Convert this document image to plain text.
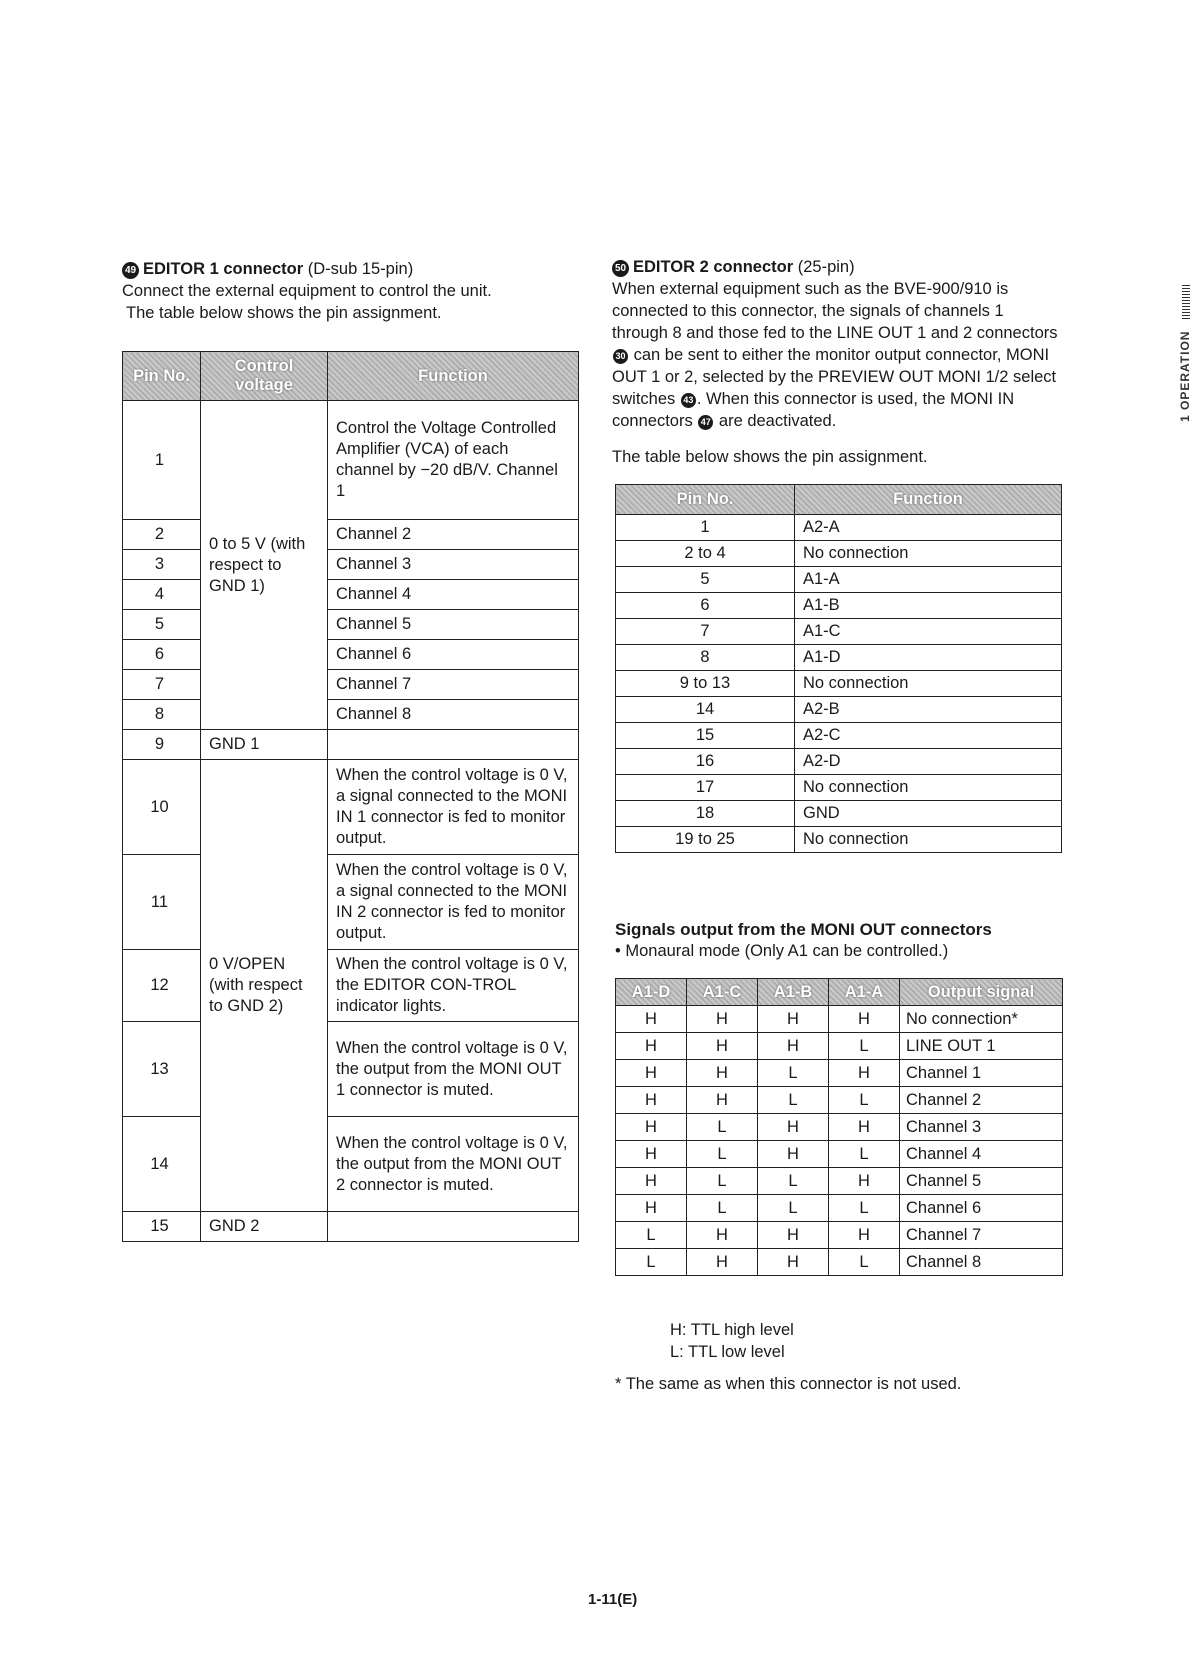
1 OPERATION

49 EDITOR 1 connector (D-sub 15-pin)

Connect the external equipment to control the unit.

The table below shows the pin assignment.

Pin No.	Control voltage	Function
1	0 to 5 V (with respect to GND 1)	Control the Voltage Controlled Amplifier (VCA) of each channel by −20 dB/V. Channel 1
2		Channel 2
3		Channel 3
4		Channel 4
5		Channel 5
6		Channel 6
7		Channel 7
8		Channel 8
9	GND 1	
10	0 V/OPEN (with respect to GND 2)	When the control voltage is 0 V, a signal connected to the MONI IN 1 connector is fed to monitor output.
11		When the control voltage is 0 V, a signal connected to the MONI IN 2 connector is fed to monitor output.
12		When the control voltage is 0 V, the EDITOR CON-TROL indicator lights.
13		When the control voltage is 0 V, the output from the MONI OUT 1 connector is muted.
14		When the control voltage is 0 V, the output from the MONI OUT 2 connector is muted.
15	GND 2	

50 EDITOR 2 connector (25-pin)

When external equipment such as the BVE-900/910 is connected to this connector, the signals of channels 1 through 8 and those fed to the LINE OUT 1 and 2 connectors 30 can be sent to either the monitor output connector, MONI OUT 1 or 2, selected by the PREVIEW OUT MONI 1/2 select switches 43 . When this connector is used, the MONI IN connectors 47 are deactivated.

The table below shows the pin assignment.

Pin No.	Function
1	A2-A
2 to 4	No connection
5	A1-A
6	A1-B
7	A1-C
8	A1-D
9 to 13	No connection
14	A2-B
15	A2-C
16	A2-D
17	No connection
18	GND
19 to 25	No connection
Signals output from the MONI OUT connectors
• Monaural mode (Only A1 can be controlled.)
A1-D	A1-C	A1-B	A1-A	Output signal
H	H	H	H	No connection*
H	H	H	L	LINE OUT 1
H	H	L	H	Channel 1
H	H	L	L	Channel 2
H	L	H	H	Channel 3
H	L	H	L	Channel 4
H	L	L	H	Channel 5
H	L	L	L	Channel 6
L	H	H	H	Channel 7
L	H	H	L	Channel 8
H: TTL high level
L: TTL low level
* The same as when this connector is not used.
1-11(E)
